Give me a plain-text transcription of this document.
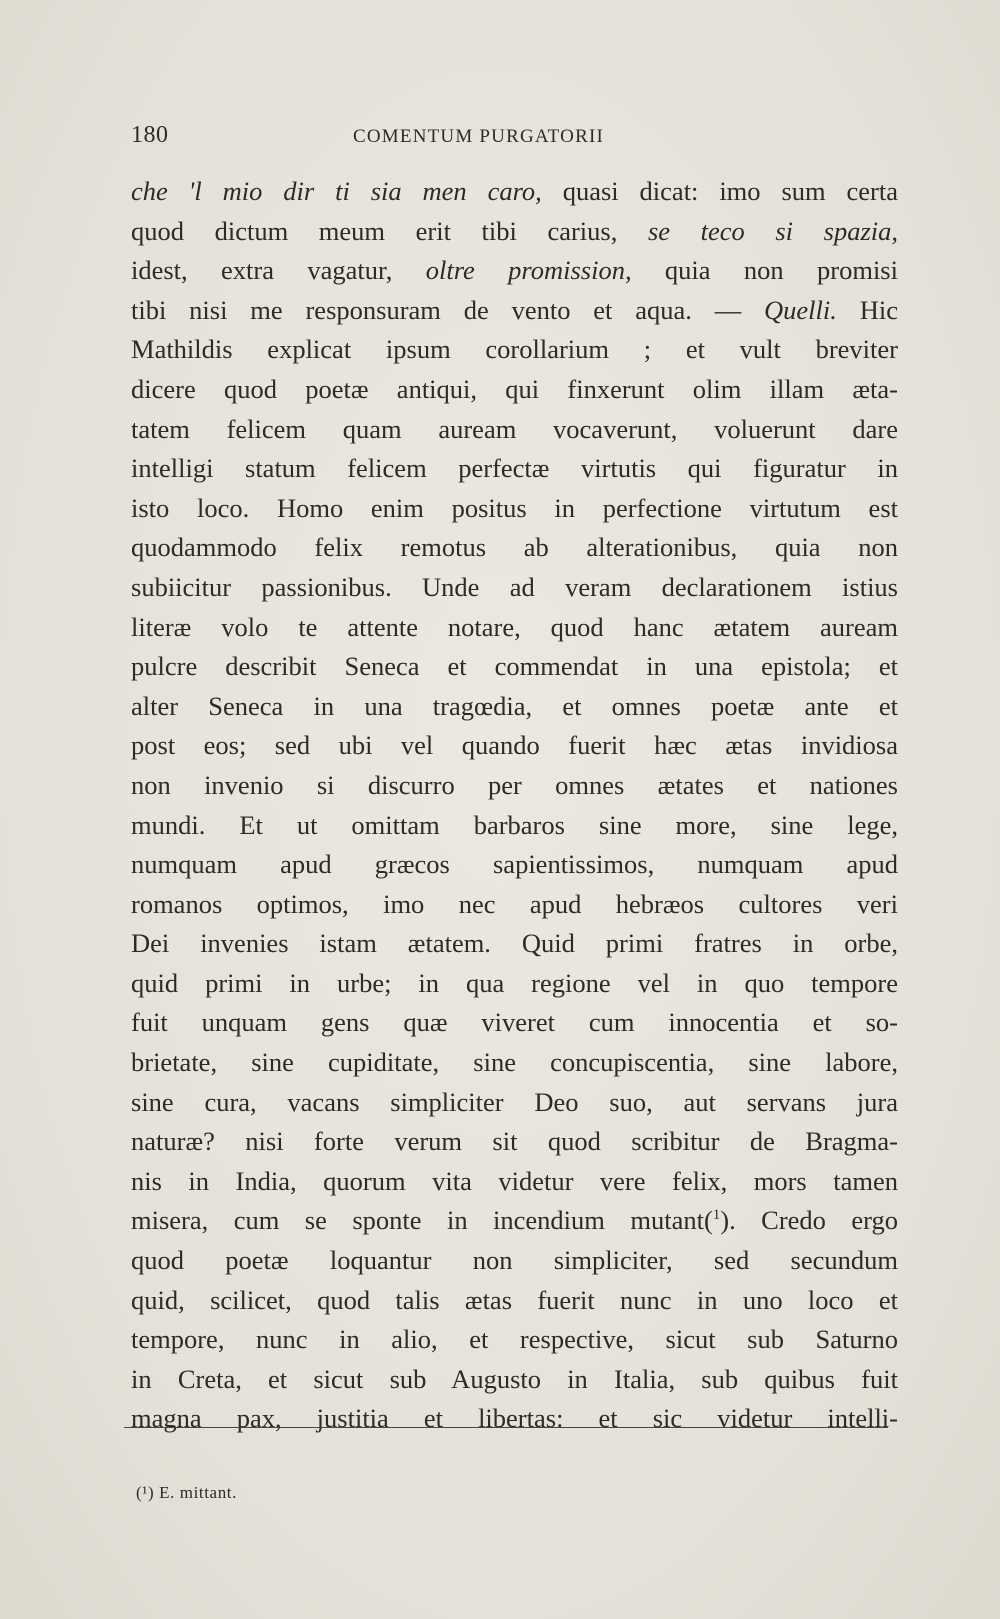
180	COMENTUM PURGATORII
che 'l mio dir ti sia men caro, quasi dicat: imo sum certa
quod dictum meum erit tibi carius, se teco si spazia,
idest, extra vagatur, oltre promission, quia non promisi
tibi nisi me responsuram de vento et aqua. — Quelli. Hic
Mathildis explicat ipsum corollarium ; et vult breviter
dicere quod poetæ antiqui, qui finxerunt olim illam æta-
tatem felicem quam auream vocaverunt, voluerunt dare
intelligi statum felicem perfectæ virtutis qui figuratur in
isto loco. Homo enim positus in perfectione virtutum est
quodammodo felix remotus ab alterationibus, quia non
subiicitur passionibus. Unde ad veram declarationem istius
literæ volo te attente notare, quod hanc ætatem auream
pulcre describit Seneca et commendat in una epistola; et
alter Seneca in una tragœdia, et omnes poetæ ante et
post eos; sed ubi vel quando fuerit hæc ætas invidiosa
non invenio si discurro per omnes ætates et nationes
mundi. Et ut omittam barbaros sine more, sine lege,
numquam apud græcos sapientissimos, numquam apud
romanos optimos, imo nec apud hebræos cultores veri
Dei invenies istam ætatem. Quid primi fratres in orbe,
quid primi in urbe; in qua regione vel in quo tempore
fuit unquam gens quæ viveret cum innocentia et so-
brietate, sine cupiditate, sine concupiscentia, sine labore,
sine cura, vacans simpliciter Deo suo, aut servans jura
naturæ? nisi forte verum sit quod scribitur de Bragma-
nis in India, quorum vita videtur vere felix, mors tamen
misera, cum se sponte in incendium mutant($^1$). Credo ergo
quod poetæ loquantur non simpliciter, sed secundum
quid, scilicet, quod talis ætas fuerit nunc in uno loco et
tempore, nunc in alio, et respective, sicut sub Saturno
in Creta, et sicut sub Augusto in Italia, sub quibus fuit
magna pax, justitia et libertas: et sic videtur intelli-
(¹) E. mittant.
